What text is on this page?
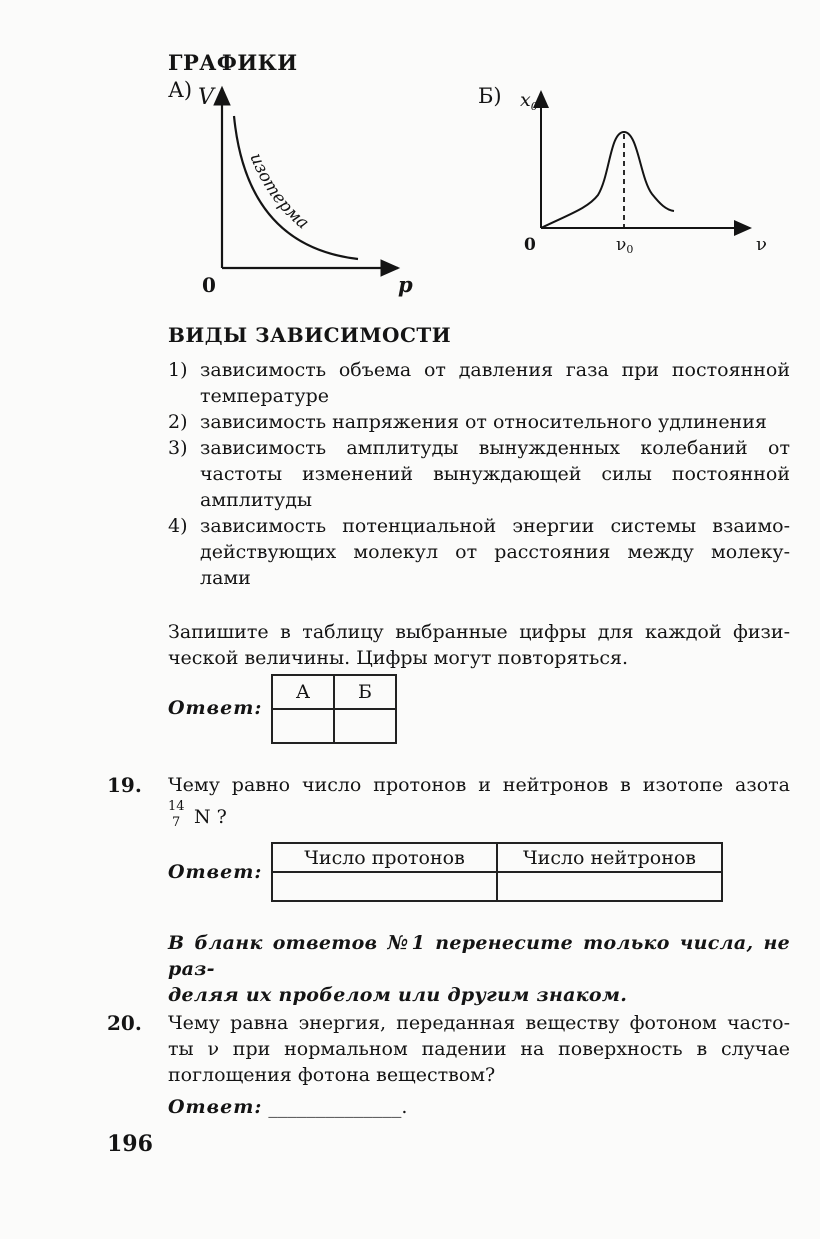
ГРАФИКИ
А)
изотерма
V
0	p
Б) $x_0$
0	ν0	ν
ВИДЫ ЗАВИСИМОСТИ
1) зависимость объема от давления газа при постоянной
температуре
2) зависимость напряжения от относительного удлинения
3) зависимость амплитуды вынужденных колебаний от
частоты изменений вынуждающей силы постоянной
амплитуды
4) зависимость потенциальной энергии системы взаимо-
действующих молекул от расстояния между молеку-
лами
Запишите в таблицу выбранные цифры для каждой физи-
ческой величины. Цифры могут повторяться.
Ответ:
А	Б

19. Чему равно число протонов и нейтронов в изотопе азота
14
7 N ?
Ответ:
Число протонов	Число нейтронов

В бланк ответов №1 перенесите только числа, не раз-
деляя их пробелом или другим знаком.
20. Чему равна энергия, переданная веществу фотоном часто-
ты ν при нормальном падении на поверхность в случае
поглощения фотона веществом?
Ответ: ______________.
196
